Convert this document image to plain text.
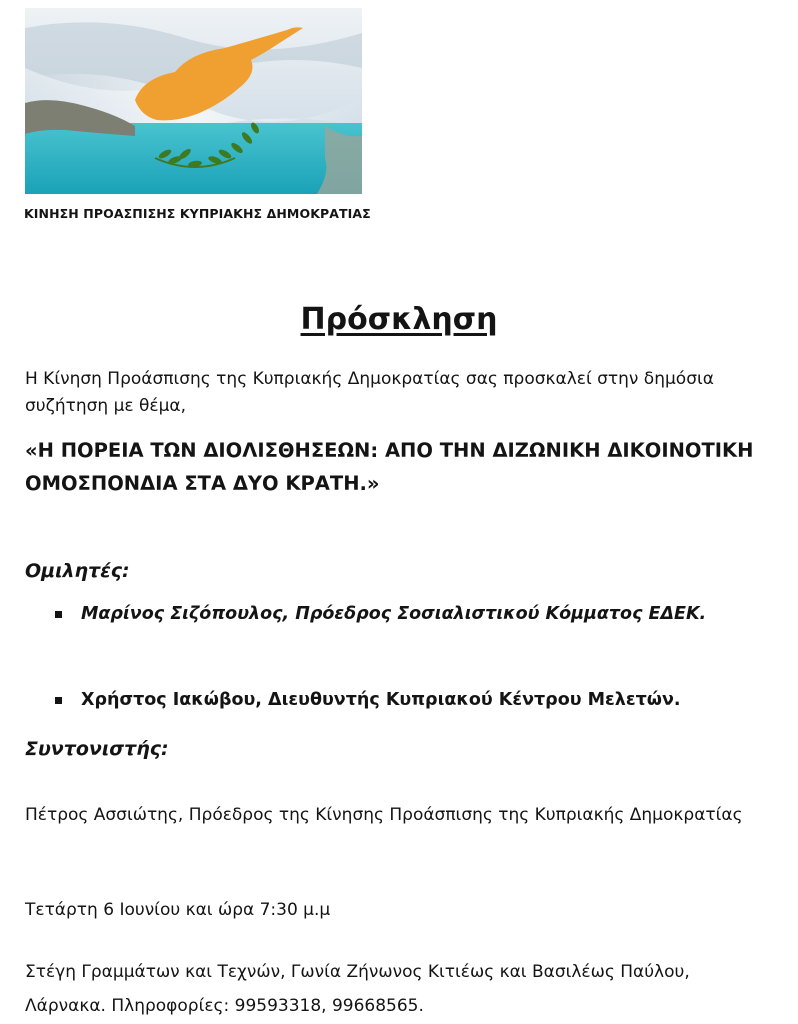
ΚΙΝΗΣΗ ΠΡΟΑΣΠΙΣΗΣ ΚΥΠΡΙΑΚΗΣ ΔΗΜΟΚΡΑΤΙΑΣ
Πρόσκληση

Η Κίνηση Προάσπισης της Κυπριακής Δημοκρατίας σας προσκαλεί στην δημόσια συζήτηση με θέμα,

«Η ΠΟΡΕΙΑ ΤΩΝ ΔΙΟΛΙΣΘΗΣΕΩΝ: ΑΠΟ ΤΗΝ ΔΙΖΩΝΙΚΗ ΔΙΚΟΙΝΟΤΙΚΗ ΟΜΟΣΠΟΝΔΙΑ ΣΤΑ ΔΥΟ ΚΡΑΤΗ.»

Ομιλητές:
Μαρίνος Σιζόπουλος, Πρόεδρος Σοσιαλιστικού Κόμματος ΕΔΕΚ.
Χρήστος Ιακώβου, Διευθυντής Κυπριακού Κέντρου Μελετών.
Συντονιστής:

Πέτρος Ασσιώτης, Πρόεδρος της Κίνησης Προάσπισης της Κυπριακής Δημοκρατίας

Τετάρτη 6 Ιουνίου και ώρα 7:30 μ.μ

Στέγη Γραμμάτων και Τεχνών, Γωνία Ζήνωνος Κιτιέως και Βασιλέως Παύλου, Λάρνακα. Πληροφορίες: 99593318, 99668565.
